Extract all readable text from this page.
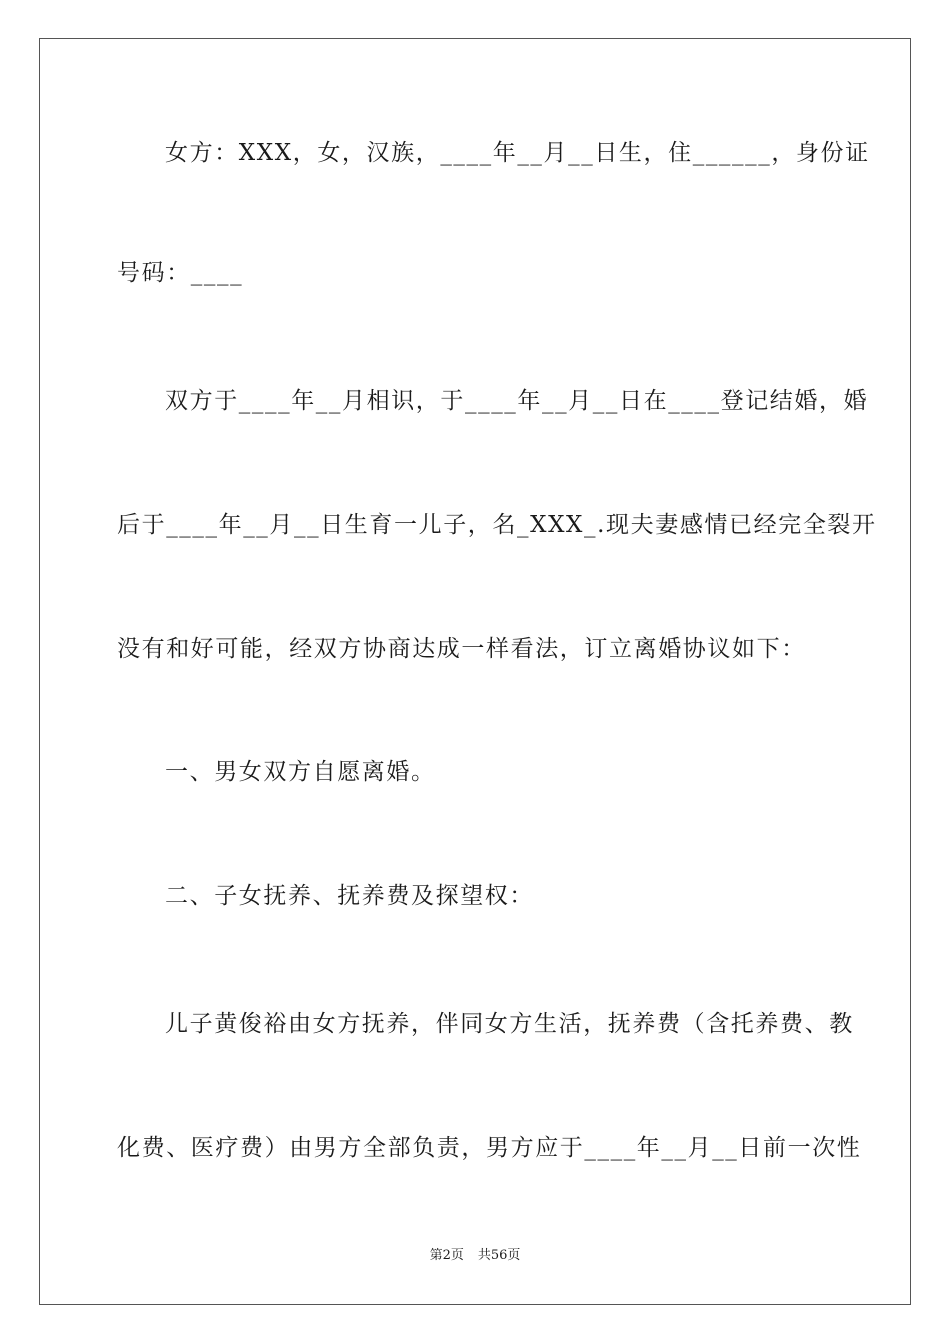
女方：XXX，女，汉族，____年__月__日生，住______，身份证
号码：____
双方于____年__月相识，于____年__月__日在____登记结婚，婚
后于____年__月__日生育一儿子，名_XXX_.现夫妻感情已经完全裂开
没有和好可能，经双方协商达成一样看法，订立离婚协议如下：
一、男女双方自愿离婚。
二、子女抚养、抚养费及探望权：
儿子黄俊裕由女方抚养，伴同女方生活，抚养费（含托养费、教
化费、医疗费）由男方全部负责，男方应于____年__月__日前一次性
第2页 共56页
